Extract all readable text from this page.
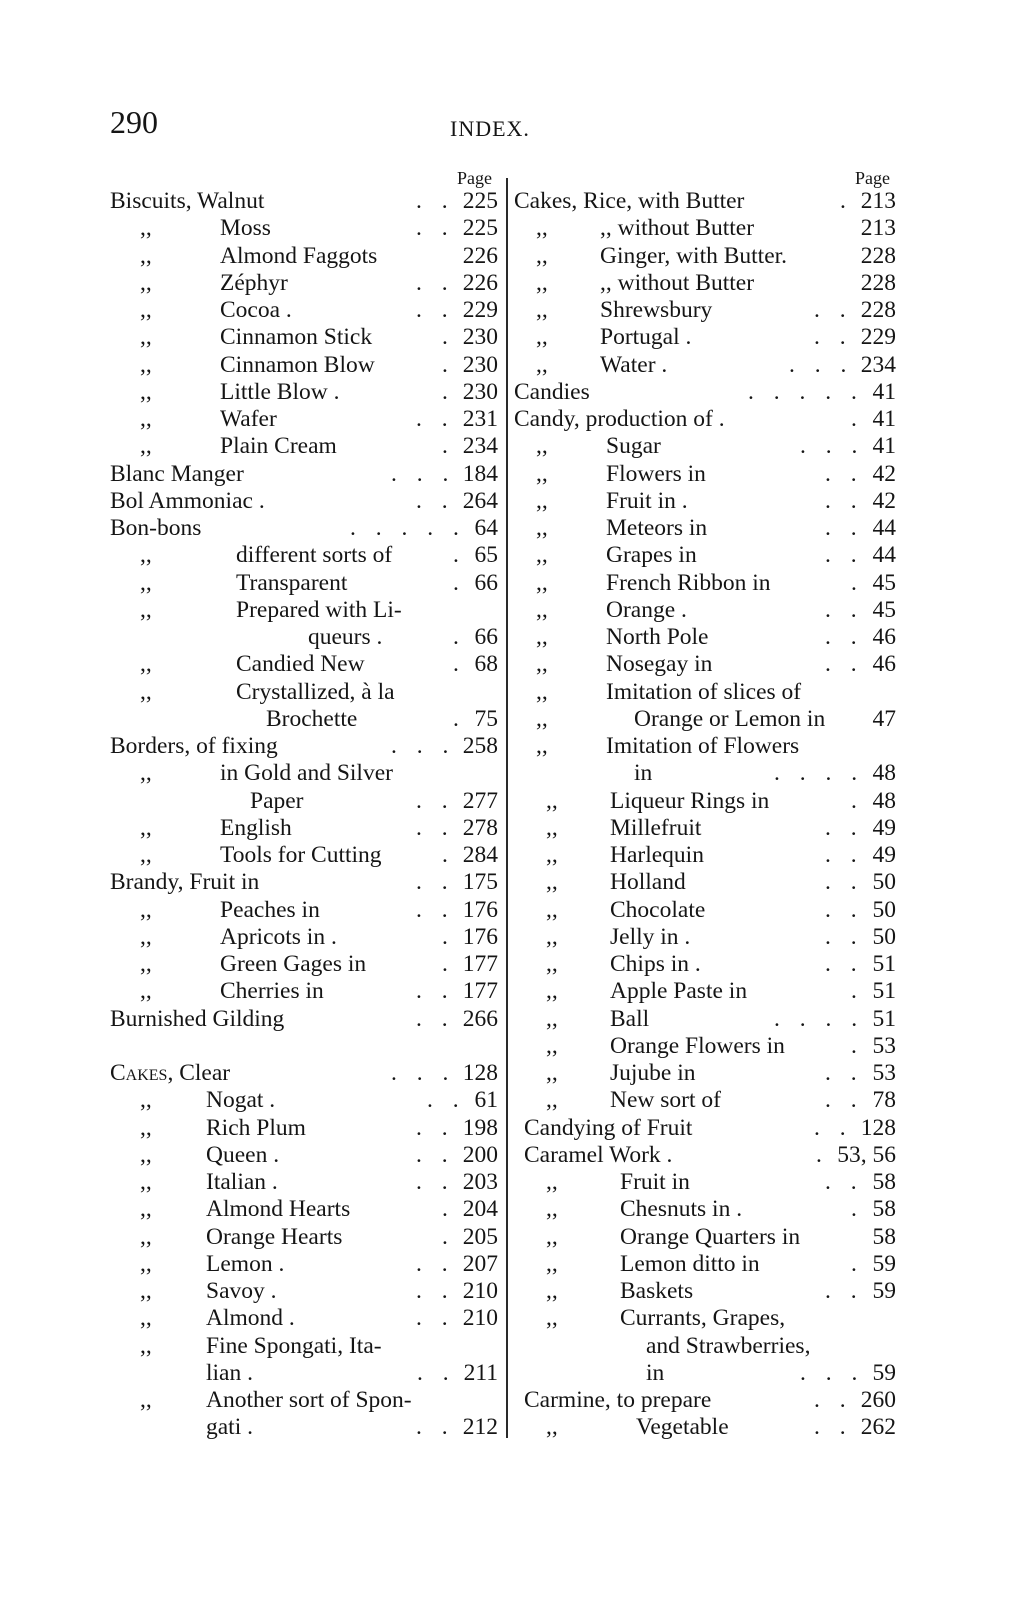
290	INDEX.
Page
Biscuits, Walnut	. . 225
,,	Moss	. . 225
,,	Almond Faggots	226
,,	Zéphyr	. . 226
,,	Cocoa .	. . 229
,,	Cinnamon Stick	. 230
,,	Cinnamon Blow	. 230
,,	Little Blow .	. 230
,,	Wafer	. . 231
,,	Plain Cream	. 234
Blanc Manger	. . . 184
Bol Ammoniac .	. . 264
Bon-bons	. . . . . 64
,,	different sorts of	. 65
,,	Transparent	. 66
,,	Prepared with Li-
queurs .	. 66
,,	Candied New	. 68
,,	Crystallized, à la
Brochette	. 75
Borders, of fixing	. . . 258
,,	in Gold and Silver
Paper	. . 277
,,	English	. . 278
,,	Tools for Cutting	. 284
Brandy, Fruit in	. . 175
,,	Peaches in	. . 176
,,	Apricots in .	. 176
,,	Green Gages in	. 177
,,	Cherries in	. . 177
Burnished Gilding	. . 266
Cakes, Clear	. . . 128
,, Nogat .	. . 61
,, Rich Plum	. . 198
,, Queen .	. . 200
,, Italian .	. . 203
,, Almond Hearts	. 204
,, Orange Hearts	. 205
,, Lemon .	. . 207
,, Savoy .	. . 210
,, Almond .	. . 210
,, Fine Spongati, Ita-
lian .	. . 211
,, Another sort of Spon-
gati .	. . 212
Page
Cakes, Rice, with Butter	. 213
,, ,, without Butter	213
,, Ginger, with Butter.	228
,, ,, without Butter	228
,, Shrewsbury	. . 228
,, Portugal .	. . 229
,, Water .	. . . 234
Candies	. . . . . 41
Candy, production of .	. 41
,, Sugar	. . . 41
,, Flowers in	. . 42
,, Fruit in .	. . 42
,, Meteors in	. . 44
,, Grapes in	. . 44
,, French Ribbon in	. 45
,, Orange .	. . 45
,, North Pole	. . 46
,, Nosegay in	. . 46
,, Imitation of slices of
,,	Orange or Lemon in 47
,, Imitation of Flowers
in	. . . . 48
,, Liqueur Rings in	. 48
,, Millefruit	. . 49
,, Harlequin	. . 49
,, Holland	. . 50
,, Chocolate	. . 50
,, Jelly in .	. . 50
,, Chips in .	. . 51
,, Apple Paste in	. 51
,, Ball	. . . . 51
,, Orange Flowers in	. 53
,, Jujube in	. . 53
,, New sort of	. . 78
Candying of Fruit	. . 128
Caramel Work .	. 53, 56
,,	Fruit in	. . 58
,,	Chesnuts in .	. 58
,,	Orange Quarters in	58
,,	Lemon ditto in	. 59
,,	Baskets	. . 59
,,	Currants, Grapes,
and Strawberries,
in	. . . 59
Carmine, to prepare	. . 260
,,	Vegetable	. . 262
